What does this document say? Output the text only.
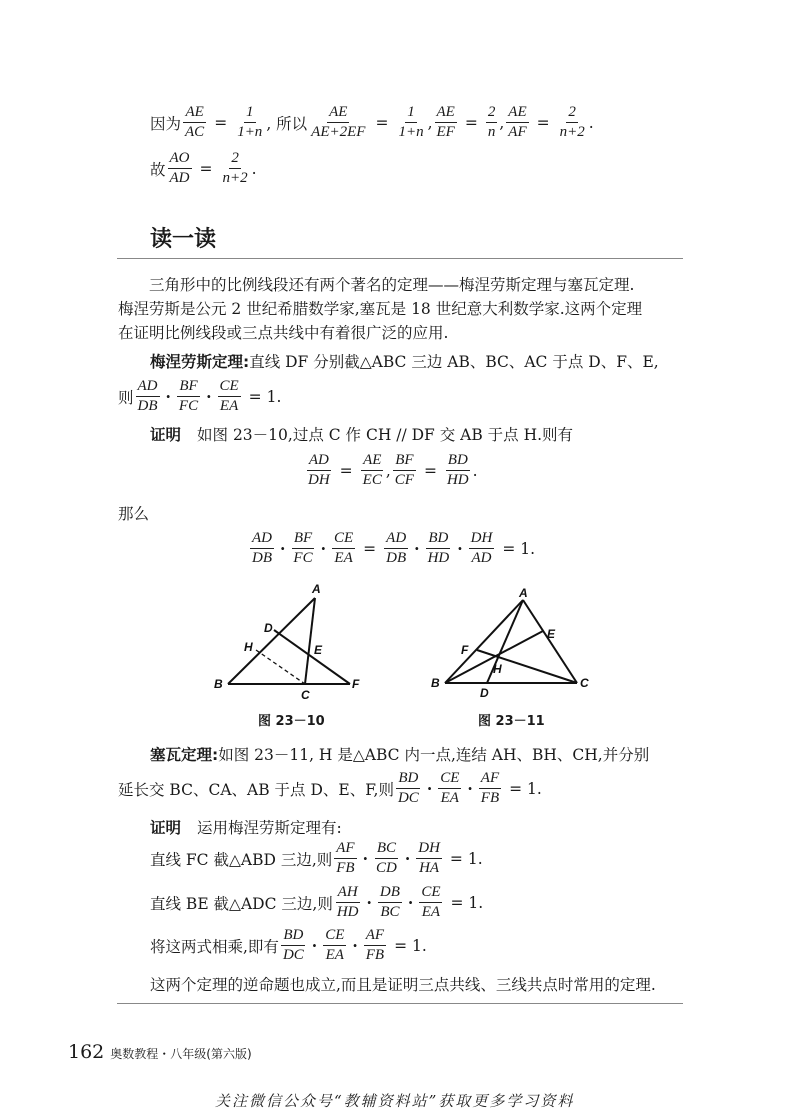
因为 $\frac{AE}{AC} = \frac{1}{1+n}$ , 所以 $\frac{AE}{AE+2EF} = \frac{1}{1+n}$ , $\frac{AE}{EF} = \frac{2}{n}$ , $\frac{AE}{AF} = \frac{2}{n+2}$ .
故 $\frac{AO}{AD} = \frac{2}{n+2}$ .
读一读
三角形中的比例线段还有两个著名的定理——梅涅劳斯定理与塞瓦定理.
梅涅劳斯是公元 2 世纪希腊数学家,塞瓦是 18 世纪意大利数学家.这两个定理
在证明比例线段或三点共线中有着很广泛的应用.
梅涅劳斯定理: 直线 DF 分别截△ABC 三边 AB、BC、AC 于点 D、F、E,
则 $\frac{AD}{DB} \cdot \frac{BF}{FC} \cdot \frac{CE}{EA} = 1$.
证明 如图 23－10,过点 C 作 CH // DF 交 AB 于点 H.则有
$\frac{AD}{DH} = \frac{AE}{EC}$ , $\frac{BF}{CF} = \frac{BD}{HD}$ .
那么
$\frac{AD}{DB} \cdot \frac{BF}{FC} \cdot \frac{CE}{EA} = \frac{AD}{DB} \cdot \frac{BD}{HD} \cdot \frac{DH}{AD} = 1$.
A
D
H	E
B
C
F
图 23－10
A
E
F
H
B
D
C
图 23－11
塞瓦定理: 如图 23－11, H 是△ABC 内一点,连结 AH、BH、CH,并分别
延长交 BC、CA、AB 于点 D、E、F,则 $\frac{BD}{DC} \cdot \frac{CE}{EA} \cdot \frac{AF}{FB} = 1$.
证明 运用梅涅劳斯定理有:
直线 FC 截△ABD 三边,则 $\frac{AF}{FB} \cdot \frac{BC}{CD} \cdot \frac{DH}{HA} = 1$.
直线 BE 截△ADC 三边,则 $\frac{AH}{HD} \cdot \frac{DB}{BC} \cdot \frac{CE}{EA} = 1$.
将这两式相乘,即有 $\frac{BD}{DC} \cdot \frac{CE}{EA} \cdot \frac{AF}{FB} = 1$.
这两个定理的逆命题也成立,而且是证明三点共线、三线共点时常用的定理.
162 奥数教程・八年级(第六版)
关注微信公众号“教辅资料站”获取更多学习资料
